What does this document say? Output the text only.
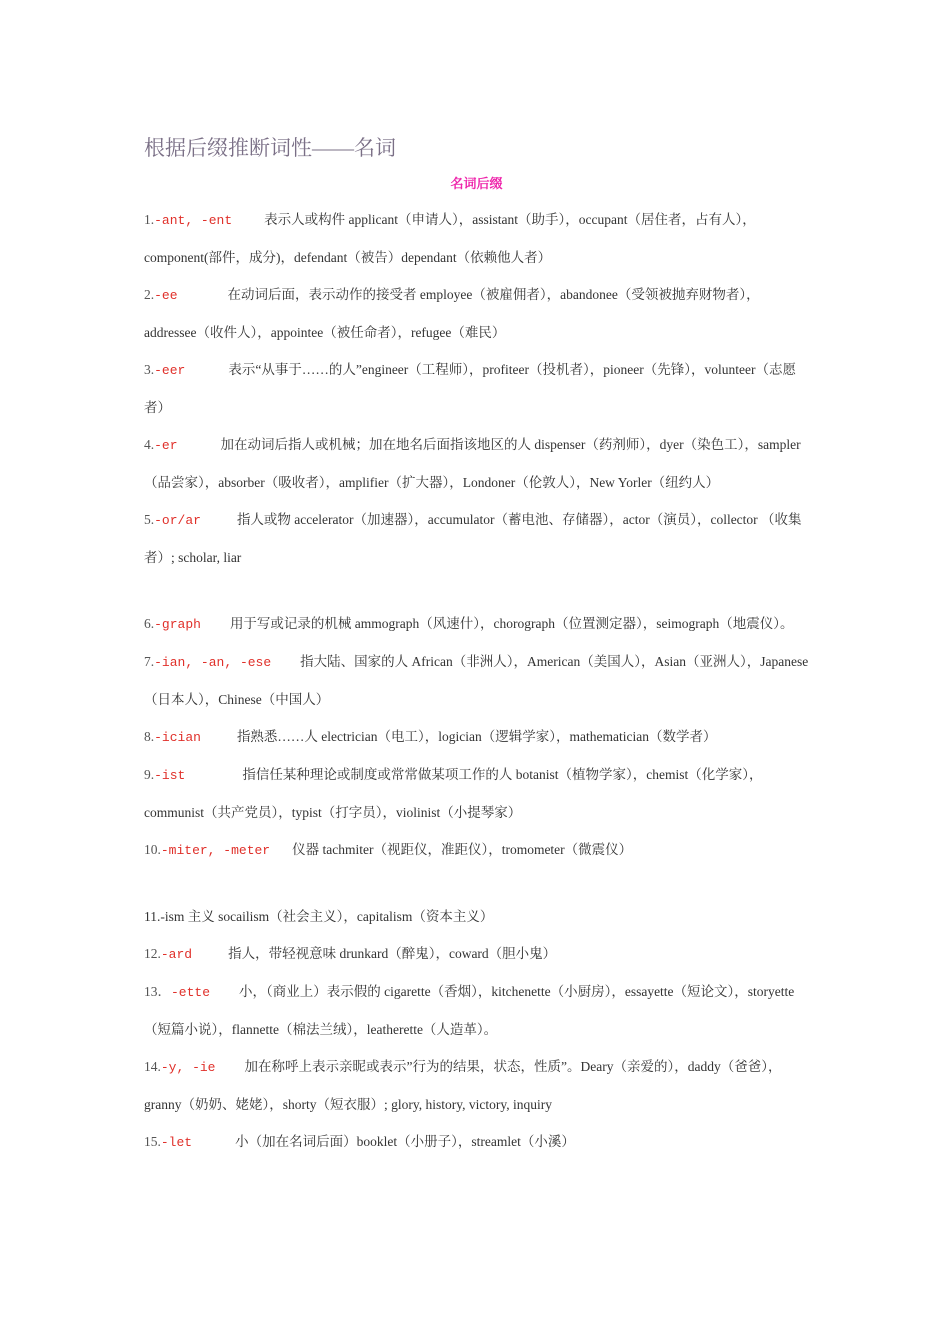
根据后缀推断词性——名词

名词后缀

1.-ant, -ent 表示人或构件 applicant（申请人），assistant（助手），occupant（居住者，占有人），component(部件，成分)，defendant（被告）dependant（依赖他人者）

2.-ee	在动词后面，表示动作的接受者 employee（被雇佣者），abandonee（受领被抛弃财物者），addressee（收件人），appointee（被任命者），refugee（难民）

3.-eer	表示“从事于……的人”engineer（工程师），profiteer（投机者），pioneer（先锋），volunteer（志愿者）

4.-er	加在动词后指人或机械；加在地名后面指该地区的人 dispenser（药剂师），dyer（染色工），sampler（品尝家），absorber（吸收者），amplifier（扩大器），Londoner（伦敦人），New Yorler（纽约人）

5.-or/ar	指人或物 accelerator（加速器），accumulator（蓄电池、存储器），actor（演员），collector （收集者）; scholar, liar

6.-graph 用于写或记录的机械 ammograph（风速什），chorograph（位置测定器），seimograph（地震仪）。

7.-ian, -an, -ese 指大陆、国家的人 African（非洲人），American（美国人），Asian（亚洲人），Japanese（日本人），Chinese（中国人）

8.-ician	指熟悉……人 electrician（电工），logician（逻辑学家），mathematician（数学者）

9.-ist	指信任某种理论或制度或常常做某项工作的人 botanist（植物学家），chemist（化学家），communist（共产党员），typist（打字员），violinist（小提琴家）

10.-miter, -meter 仪器 tachmiter（视距仪，准距仪），tromometer（微震仪）

11.-ism 主义 socailism（社会主义），capitalism（资本主义）

12.-ard	指人，带轻视意味 drunkard（醉鬼），coward（胆小鬼）

13．-ette 小，（商业上）表示假的 cigarette（香烟），kitchenette（小厨房），essayette（短论文），storyette（短篇小说），flannette（棉法兰绒），leatherette（人造革）。

14.-y, -ie 加在称呼上表示亲昵或表示”行为的结果，状态，性质”。Deary（亲爱的），daddy（爸爸），granny（奶奶、姥姥），shorty（短衣服）; glory, history, victory, inquiry

15.-let	小（加在名词后面）booklet（小册子），streamlet（小溪）
